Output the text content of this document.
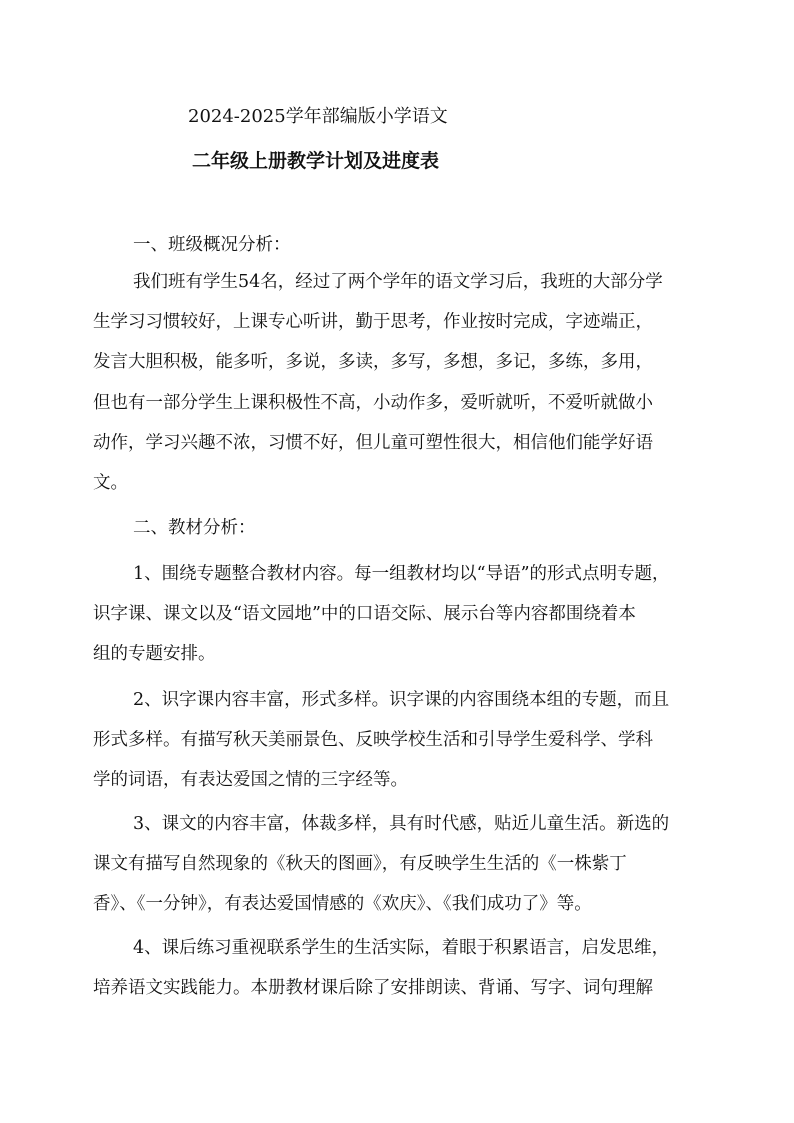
2024-2025学年部编版小学语文
二年级上册教学计划及进度表
一、班级概况分析：
我们班有学生54名，经过了两个学年的语文学习后，我班的大部分学
生学习习惯较好，上课专心听讲，勤于思考，作业按时完成，字迹端正，
发言大胆积极，能多听，多说，多读，多写，多想，多记，多练，多用，
但也有一部分学生上课积极性不高，小动作多，爱听就听，不爱听就做小
动作，学习兴趣不浓，习惯不好，但儿童可塑性很大，相信他们能学好语
文。
二、教材分析：
1、围绕专题整合教材内容。每一组教材均以“导语”的形式点明专题，
识字课、课文以及“语文园地”中的口语交际、展示台等内容都围绕着本
组的专题安排。
2、识字课内容丰富，形式多样。识字课的内容围绕本组的专题，而且
形式多样。有描写秋天美丽景色、反映学校生活和引导学生爱科学、学科
学的词语，有表达爱国之情的三字经等。
3、课文的内容丰富，体裁多样，具有时代感，贴近儿童生活。新选的
课文有描写自然现象的《秋天的图画》，有反映学生生活的《一株紫丁
香》、《一分钟》，有表达爱国情感的《欢庆》、《我们成功了》等。
4、课后练习重视联系学生的生活实际，着眼于积累语言，启发思维，
培养语文实践能力。本册教材课后除了安排朗读、背诵、写字、词句理解
